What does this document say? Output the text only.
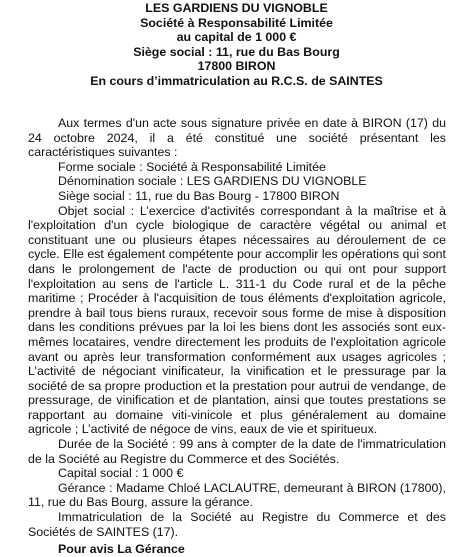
LES GARDIENS DU VIGNOBLE
Société à Responsabilité Limitée
au capital de 1 000 €
Siège social : 11, rue du Bas Bourg
17800 BIRON
En cours d’immatriculation au R.C.S. de SAINTES

Aux termes d'un acte sous signature privée en date à BIRON (17) du 24 octobre 2024, il a été constitué une société présentant les caractéristiques suivantes :

Forme sociale : Société à Responsabilité Limitée

Dénomination sociale : LES GARDIENS DU VIGNOBLE

Siège social : 11, rue du Bas Bourg - 17800 BIRON

Objet social : L’exercice d'activités correspondant à la maîtrise et à l'exploitation d'un cycle biologique de caractère végétal ou animal et constituant une ou plusieurs étapes nécessaires au déroulement de ce cycle. Elle est également compétente pour accomplir les opérations qui sont dans le prolongement de l'acte de production ou qui ont pour support l'exploitation au sens de l'article L. 311-1 du Code rural et de la pêche maritime ; Procéder à l'acquisition de tous éléments d'exploitation agricole, prendre à bail tous biens ruraux, recevoir sous forme de mise à disposition dans les conditions prévues par la loi les biens dont les associés sont eux-mêmes locataires, vendre directement les produits de l'exploitation agricole avant ou après leur transformation conformément aux usages agricoles ; L’activité de négociant vinificateur, la vinification et le pressurage par la société de sa propre production et la prestation pour autrui de vendange, de pressurage, de vinification et de plantation, ainsi que toutes prestations se rapportant au domaine viti-vinicole et plus généralement au domaine agricole ; L’activité de négoce de vins, eaux de vie et spiritueux.

Durée de la Société : 99 ans à compter de la date de l'immatriculation de la Société au Registre du Commerce et des Sociétés.

Capital social : 1 000 €

Gérance : Madame Chloé LACLAUTRE, demeurant à BIRON (17800), 11, rue du Bas Bourg, assure la gérance.

Immatriculation de la Société au Registre du Commerce et des Sociétés de SAINTES (17).

Pour avis La Gérance
